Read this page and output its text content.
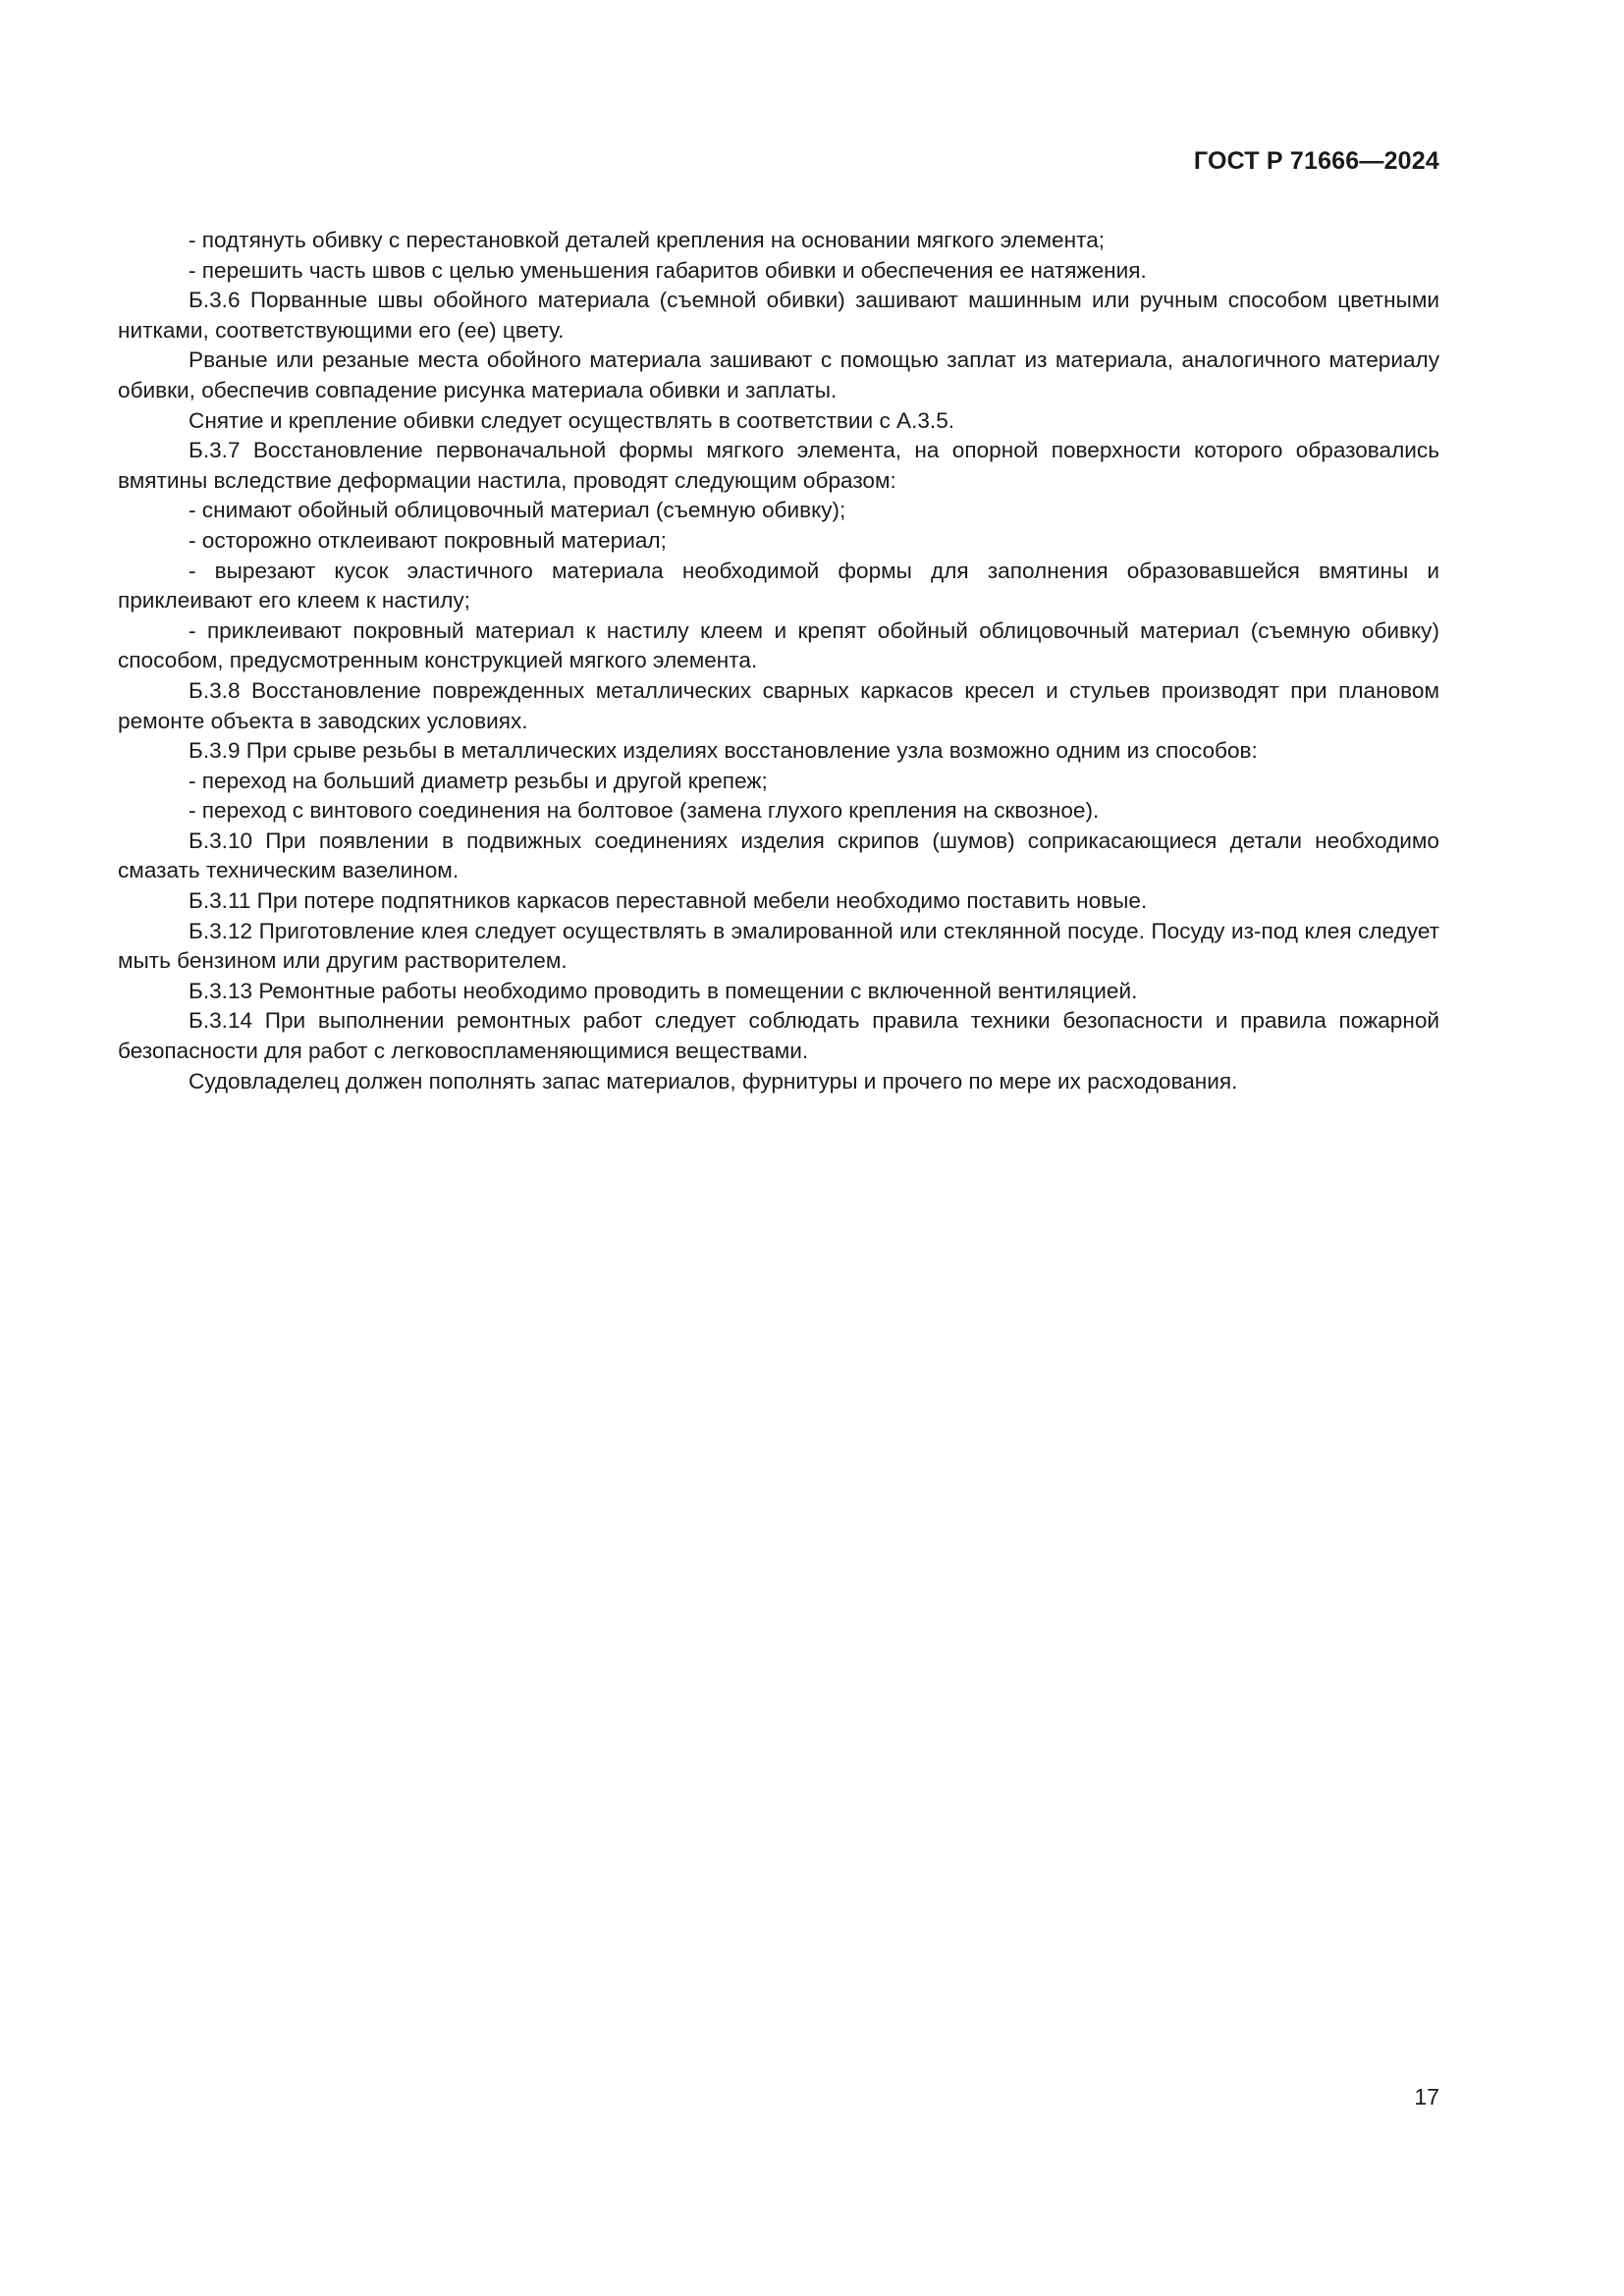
ГОСТ Р 71666—2024

- подтянуть обивку с перестановкой деталей крепления на основании мягкого элемента;

- перешить часть швов с целью уменьшения габаритов обивки и обеспечения ее натяжения.

Б.3.6 Порванные швы обойного материала (съемной обивки) зашивают машинным или ручным способом цветными нитками, соответствующими его (ее) цвету.

Рваные или резаные места обойного материала зашивают с помощью заплат из материала, аналогичного материалу обивки, обеспечив совпадение рисунка материала обивки и заплаты.

Снятие и крепление обивки следует осуществлять в соответствии с А.3.5.

Б.3.7 Восстановление первоначальной формы мягкого элемента, на опорной поверхности которого образовались вмятины вследствие деформации настила, проводят следующим образом:

- снимают обойный облицовочный материал (съемную обивку);

- осторожно отклеивают покровный материал;

- вырезают кусок эластичного материала необходимой формы для заполнения образовавшейся вмятины и приклеивают его клеем к настилу;

- приклеивают покровный материал к настилу клеем и крепят обойный облицовочный материал (съемную обивку) способом, предусмотренным конструкцией мягкого элемента.

Б.3.8 Восстановление поврежденных металлических сварных каркасов кресел и стульев производят при плановом ремонте объекта в заводских условиях.

Б.3.9 При срыве резьбы в металлических изделиях восстановление узла возможно одним из способов:

- переход на больший диаметр резьбы и другой крепеж;

- переход с винтового соединения на болтовое (замена глухого крепления на сквозное).

Б.3.10 При появлении в подвижных соединениях изделия скрипов (шумов) соприкасающиеся детали необходимо смазать техническим вазелином.

Б.3.11 При потере подпятников каркасов переставной мебели необходимо поставить новые.

Б.3.12 Приготовление клея следует осуществлять в эмалированной или стеклянной посуде. Посуду из-под клея следует мыть бензином или другим растворителем.

Б.3.13 Ремонтные работы необходимо проводить в помещении с включенной вентиляцией.

Б.3.14 При выполнении ремонтных работ следует соблюдать правила техники безопасности и правила пожарной безопасности для работ с легковоспламеняющимися веществами.

Судовладелец должен пополнять запас материалов, фурнитуры и прочего по мере их расходования.

17
